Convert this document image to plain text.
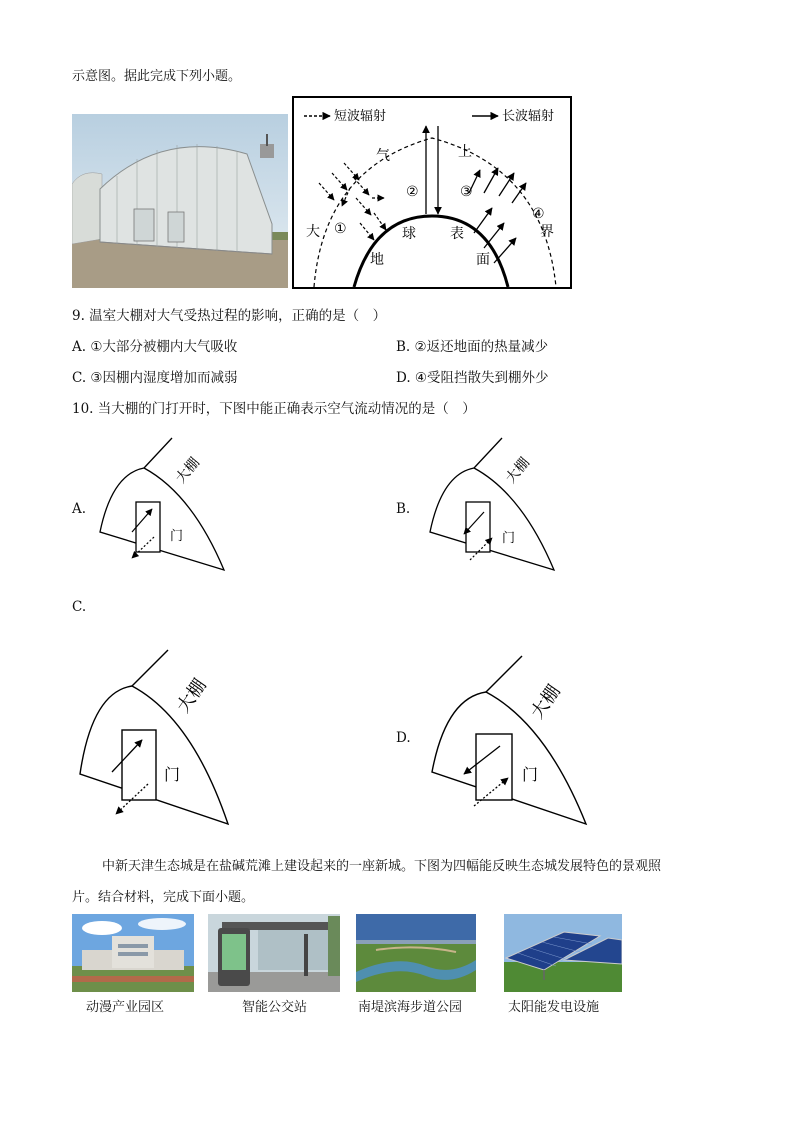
示意图。据此完成下列小题。
短波辐射	长波辐射
大
气	上
界
地
球 表
面
①
②	③
④
9. 温室大棚对大气受热过程的影响，正确的是（　）
A. ①大部分被棚内大气吸收	B. ②返还地面的热量减少
C. ③因棚内湿度增加而减弱	D. ④受阻挡散失到棚外少
10. 当大棚的门打开时，下图中能正确表示空气流动情况的是（　）
A.
大棚
门
B.
大棚
门
C.
大棚
门
D.
大棚
门
中新天津生态城是在盐碱荒滩上建设起来的一座新城。下图为四幅能反映生态城发展特色的景观照
片。结合材料，完成下面小题。
动漫产业园区	智能公交站	南堤滨海步道公园	太阳能发电设施
